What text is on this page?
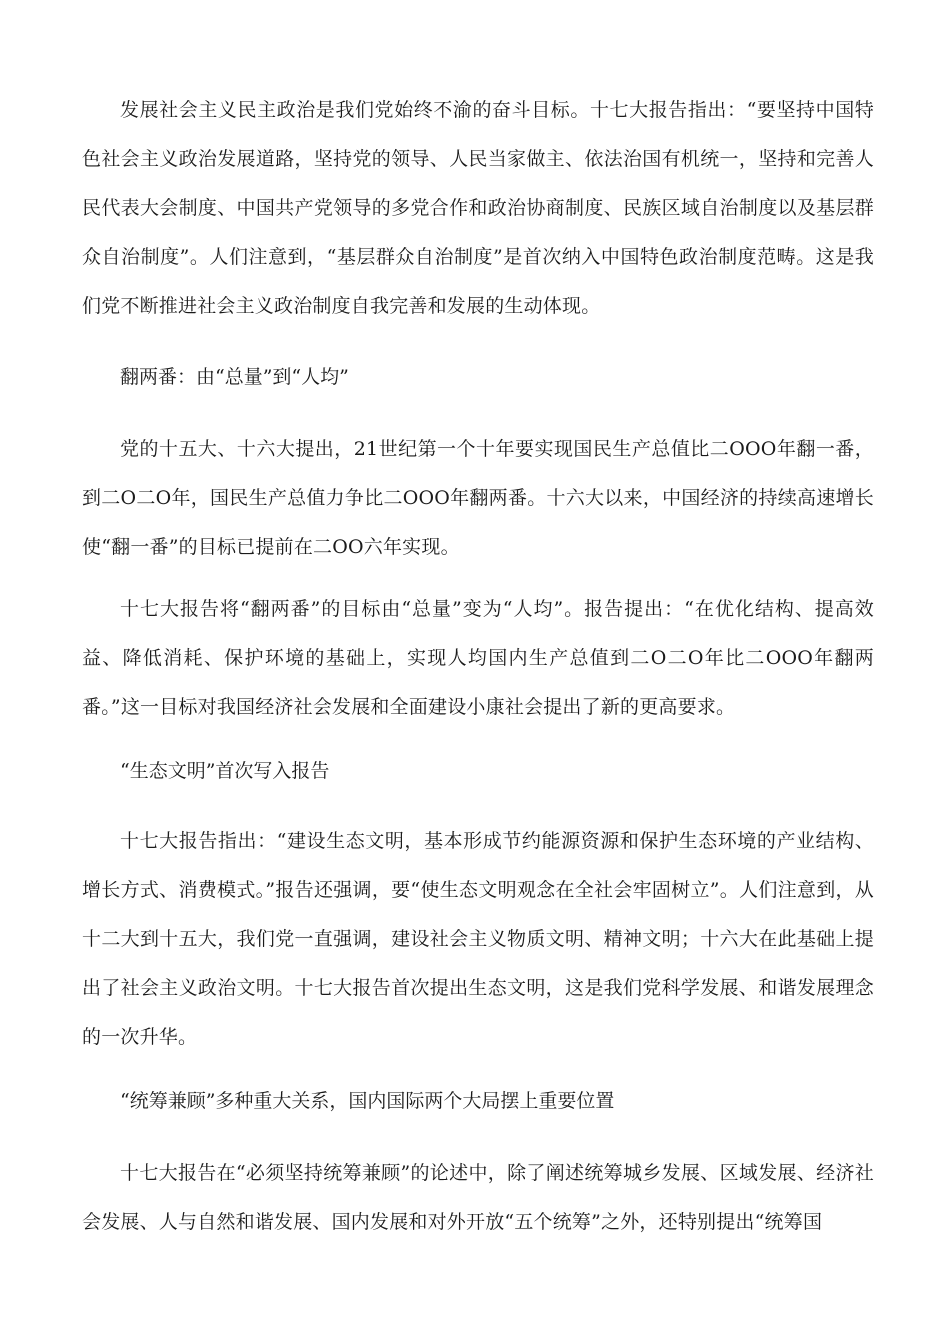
发展社会主义民主政治是我们党始终不渝的奋斗目标。十七大报告指出：“要坚持中国特色社会主义政治发展道路，坚持党的领导、人民当家做主、依法治国有机统一，坚持和完善人民代表大会制度、中国共产党领导的多党合作和政治协商制度、民族区域自治制度以及基层群众自治制度”。人们注意到，“基层群众自治制度”是首次纳入中国特色政治制度范畴。这是我们党不断推进社会主义政治制度自我完善和发展的生动体现。

翻两番：由“总量”到“人均”

党的十五大、十六大提出，21世纪第一个十年要实现国民生产总值比二OOO年翻一番，到二O二O年，国民生产总值力争比二OOO年翻两番。十六大以来，中国经济的持续高速增长使“翻一番”的目标已提前在二OO六年实现。

十七大报告将“翻两番”的目标由“总量”变为“人均”。报告提出：“在优化结构、提高效益、降低消耗、保护环境的基础上，实现人均国内生产总值到二O二O年比二OOO年翻两番。”这一目标对我国经济社会发展和全面建设小康社会提出了新的更高要求。

“生态文明”首次写入报告

十七大报告指出：“建设生态文明，基本形成节约能源资源和保护生态环境的产业结构、增长方式、消费模式。”报告还强调，要“使生态文明观念在全社会牢固树立”。人们注意到，从十二大到十五大，我们党一直强调，建设社会主义物质文明、精神文明；十六大在此基础上提出了社会主义政治文明。十七大报告首次提出生态文明，这是我们党科学发展、和谐发展理念的一次升华。

“统筹兼顾”多种重大关系，国内国际两个大局摆上重要位置

十七大报告在“必须坚持统筹兼顾”的论述中，除了阐述统筹城乡发展、区域发展、经济社会发展、人与自然和谐发展、国内发展和对外开放“五个统筹”之外，还特别提出“统筹国
